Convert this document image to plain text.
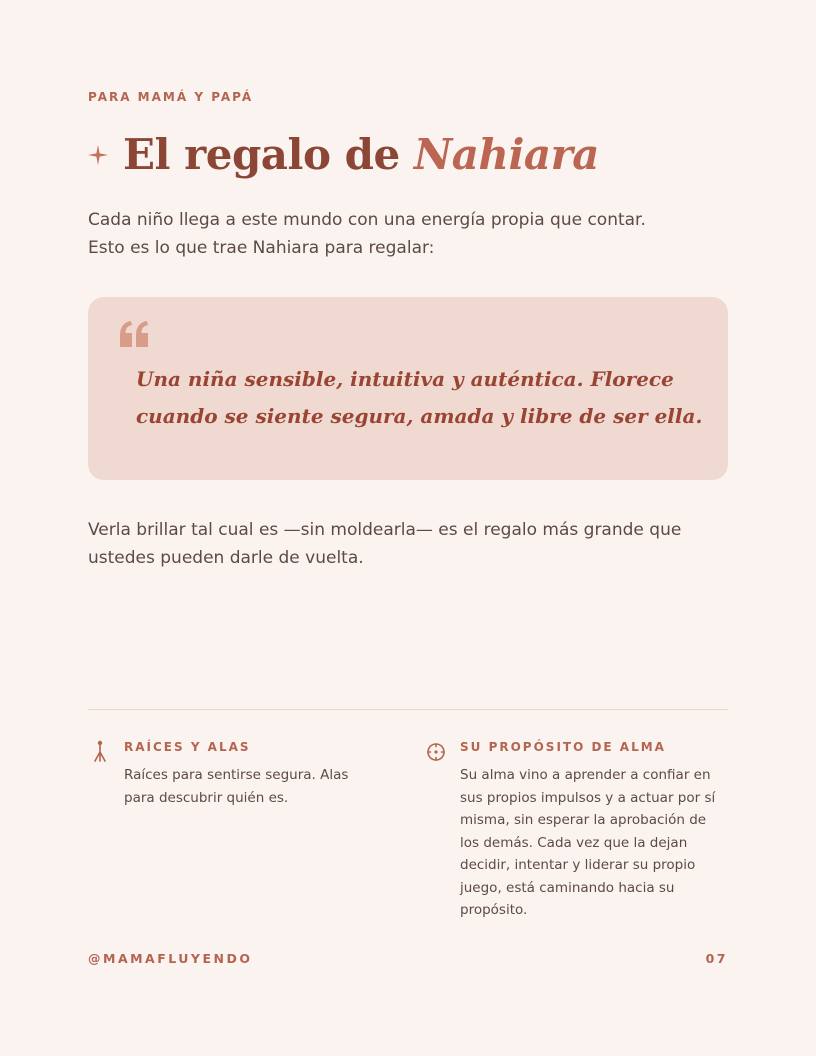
PARA MAMÁ Y PAPÁ
El regalo de Nahiara
Cada niño llega a este mundo con una energía propia que contar.
Esto es lo que trae Nahiara para regalar:
Una niña sensible, intuitiva y auténtica. Florece
cuando se siente segura, amada y libre de ser ella.
Verla brillar tal cual es —sin moldearla— es el regalo más grande que
ustedes pueden darle de vuelta.
RAÍCES Y ALAS
Raíces para sentirse segura. Alas
para descubrir quién es.
SU PROPÓSITO DE ALMA
Su alma vino a aprender a confiar en
sus propios impulsos y a actuar por sí
misma, sin esperar la aprobación de
los demás. Cada vez que la dejan
decidir, intentar y liderar su propio
juego, está caminando hacia su
propósito.
@MAMAFLUYENDO	07
